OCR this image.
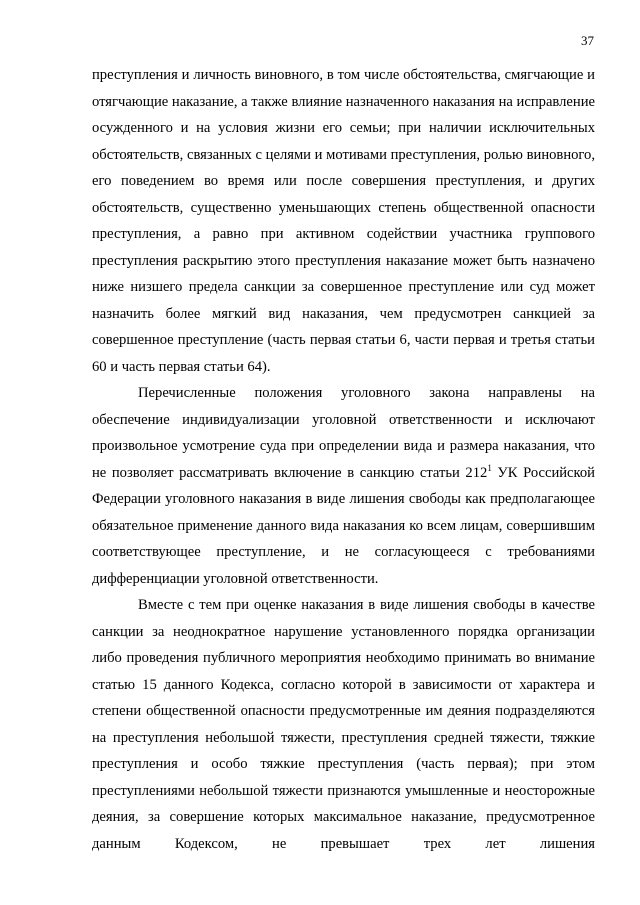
37

преступления и личность виновного, в том числе обстоятельства, смягчающие и отягчающие наказание, а также влияние назначенного наказания на исправление осужденного и на условия жизни его семьи; при наличии исключительных обстоятельств, связанных с целями и мотивами преступления, ролью виновного, его поведением во время или после совершения преступления, и других обстоятельств, существенно уменьшающих степень общественной опасности преступления, а равно при активном содействии участника группового преступления раскрытию этого преступления наказание может быть назначено ниже низшего предела санкции за совершенное преступление или суд может назначить более мягкий вид наказания, чем предусмотрен санкцией за совершенное преступление (часть первая статьи 6, части первая и третья статьи 60 и часть первая статьи 64).

Перечисленные положения уголовного закона направлены на обеспечение индивидуализации уголовной ответственности и исключают произвольное усмотрение суда при определении вида и размера наказания, что не позволяет рассматривать включение в санкцию статьи $212^1$ УК Российской Федерации уголовного наказания в виде лишения свободы как предполагающее обязательное применение данного вида наказания ко всем лицам, совершившим соответствующее преступление, и не согласующееся с требованиями дифференциации уголовной ответственности.

Вместе с тем при оценке наказания в виде лишения свободы в качестве санкции за неоднократное нарушение установленного порядка организации либо проведения публичного мероприятия необходимо принимать во внимание статью 15 данного Кодекса, согласно которой в зависимости от характера и степени общественной опасности предусмотренные им деяния подразделяются на преступления небольшой тяжести, преступления средней тяжести, тяжкие преступления и особо тяжкие преступления (часть первая); при этом преступлениями небольшой тяжести признаются умышленные и неосторожные деяния, за совершение которых максимальное наказание, предусмотренное данным Кодексом, не превышает трех лет лишения
